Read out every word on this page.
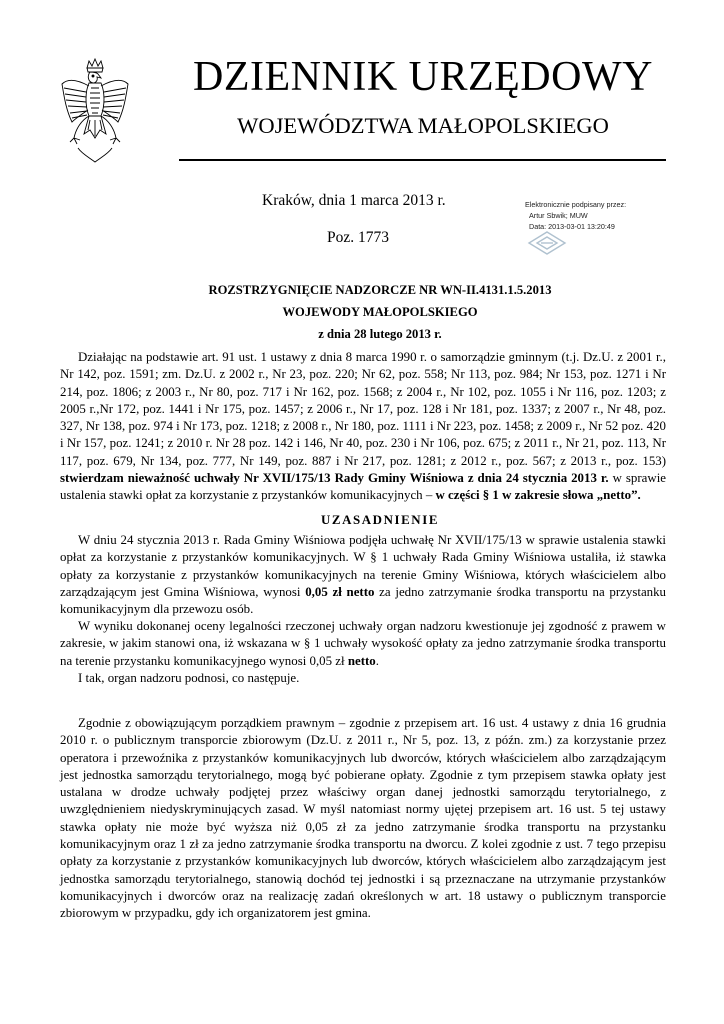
DZIENNIK URZĘDOWY
WOJEWÓDZTWA MAŁOPOLSKIEGO
Kraków, dnia 1 marca 2013 r.
Poz. 1773
Elektronicznie podpisany przez:
Artur Sbwik; MUW
Data: 2013-03-01 13:20:49
ROZSTRZYGNIĘCIE NADZORCZE NR WN-II.4131.1.5.2013
WOJEWODY MAŁOPOLSKIEGO
z dnia 28 lutego 2013 r.

Działając na podstawie art. 91 ust. 1 ustawy z dnia 8 marca 1990 r. o samorządzie gminnym (t.j. Dz.U. z 2001 r., Nr 142, poz. 1591; zm. Dz.U. z 2002 r., Nr 23, poz. 220; Nr 62, poz. 558; Nr 113, poz. 984; Nr 153, poz. 1271 i Nr 214, poz. 1806; z 2003 r., Nr 80, poz. 717 i Nr 162, poz. 1568; z 2004 r., Nr 102, poz. 1055 i Nr 116, poz. 1203; z 2005 r.,Nr 172, poz. 1441 i Nr 175, poz. 1457; z 2006 r., Nr 17, poz. 128 i Nr 181, poz. 1337; z 2007 r., Nr 48, poz. 327, Nr 138, poz. 974 i Nr 173, poz. 1218; z 2008 r., Nr 180, poz. 1111 i Nr 223, poz. 1458; z 2009 r., Nr 52 poz. 420 i Nr 157, poz. 1241; z 2010 r. Nr 28 poz. 142 i 146, Nr 40, poz. 230 i Nr 106, poz. 675; z 2011 r., Nr 21, poz. 113, Nr 117, poz. 679, Nr 134, poz. 777, Nr 149, poz. 887 i Nr 217, poz. 1281; z 2012 r., poz. 567; z 2013 r., poz. 153) stwierdzam nieważność uchwały Nr XVII/175/13 Rady Gminy Wiśniowa z dnia 24 stycznia 2013 r. w sprawie ustalenia stawki opłat za korzystanie z przystanków komunikacyjnych – w części § 1 w zakresie słowa „netto”.

UZASADNIENIE

W dniu 24 stycznia 2013 r. Rada Gminy Wiśniowa podjęła uchwałę Nr XVII/175/13 w sprawie ustalenia stawki opłat za korzystanie z przystanków komunikacyjnych. W § 1 uchwały Rada Gminy Wiśniowa ustaliła, iż stawka opłaty za korzystanie z przystanków komunikacyjnych na terenie Gminy Wiśniowa, których właścicielem albo zarządzającym jest Gmina Wiśniowa, wynosi 0,05 zł netto za jedno zatrzymanie środka transportu na przystanku komunikacyjnym dla przewozu osób.

W wyniku dokonanej oceny legalności rzeczonej uchwały organ nadzoru kwestionuje jej zgodność z prawem w zakresie, w jakim stanowi ona, iż wskazana w § 1 uchwały wysokość opłaty za jedno zatrzymanie środka transportu na terenie przystanku komunikacyjnego wynosi 0,05 zł netto.

I tak, organ nadzoru podnosi, co następuje.

Zgodnie z obowiązującym porządkiem prawnym – zgodnie z przepisem art. 16 ust. 4 ustawy z dnia 16 grudnia 2010 r. o publicznym transporcie zbiorowym (Dz.U. z 2011 r., Nr 5, poz. 13, z późn. zm.) za korzystanie przez operatora i przewoźnika z przystanków komunikacyjnych lub dworców, których właścicielem albo zarządzającym jest jednostka samorządu terytorialnego, mogą być pobierane opłaty. Zgodnie z tym przepisem stawka opłaty jest ustalana w drodze uchwały podjętej przez właściwy organ danej jednostki samorządu terytorialnego, z uwzględnieniem niedyskryminujących zasad. W myśl natomiast normy ujętej przepisem art. 16 ust. 5 tej ustawy stawka opłaty nie może być wyższa niż 0,05 zł za jedno zatrzymanie środka transportu na przystanku komunikacyjnym oraz 1 zł za jedno zatrzymanie środka transportu na dworcu. Z kolei zgodnie z ust. 7 tego przepisu opłaty za korzystanie z przystanków komunikacyjnych lub dworców, których właścicielem albo zarządzającym jest jednostka samorządu terytorialnego, stanowią dochód tej jednostki i są przeznaczane na utrzymanie przystanków komunikacyjnych i dworców oraz na realizację zadań określonych w art. 18 ustawy o publicznym transporcie zbiorowym w przypadku, gdy ich organizatorem jest gmina.
